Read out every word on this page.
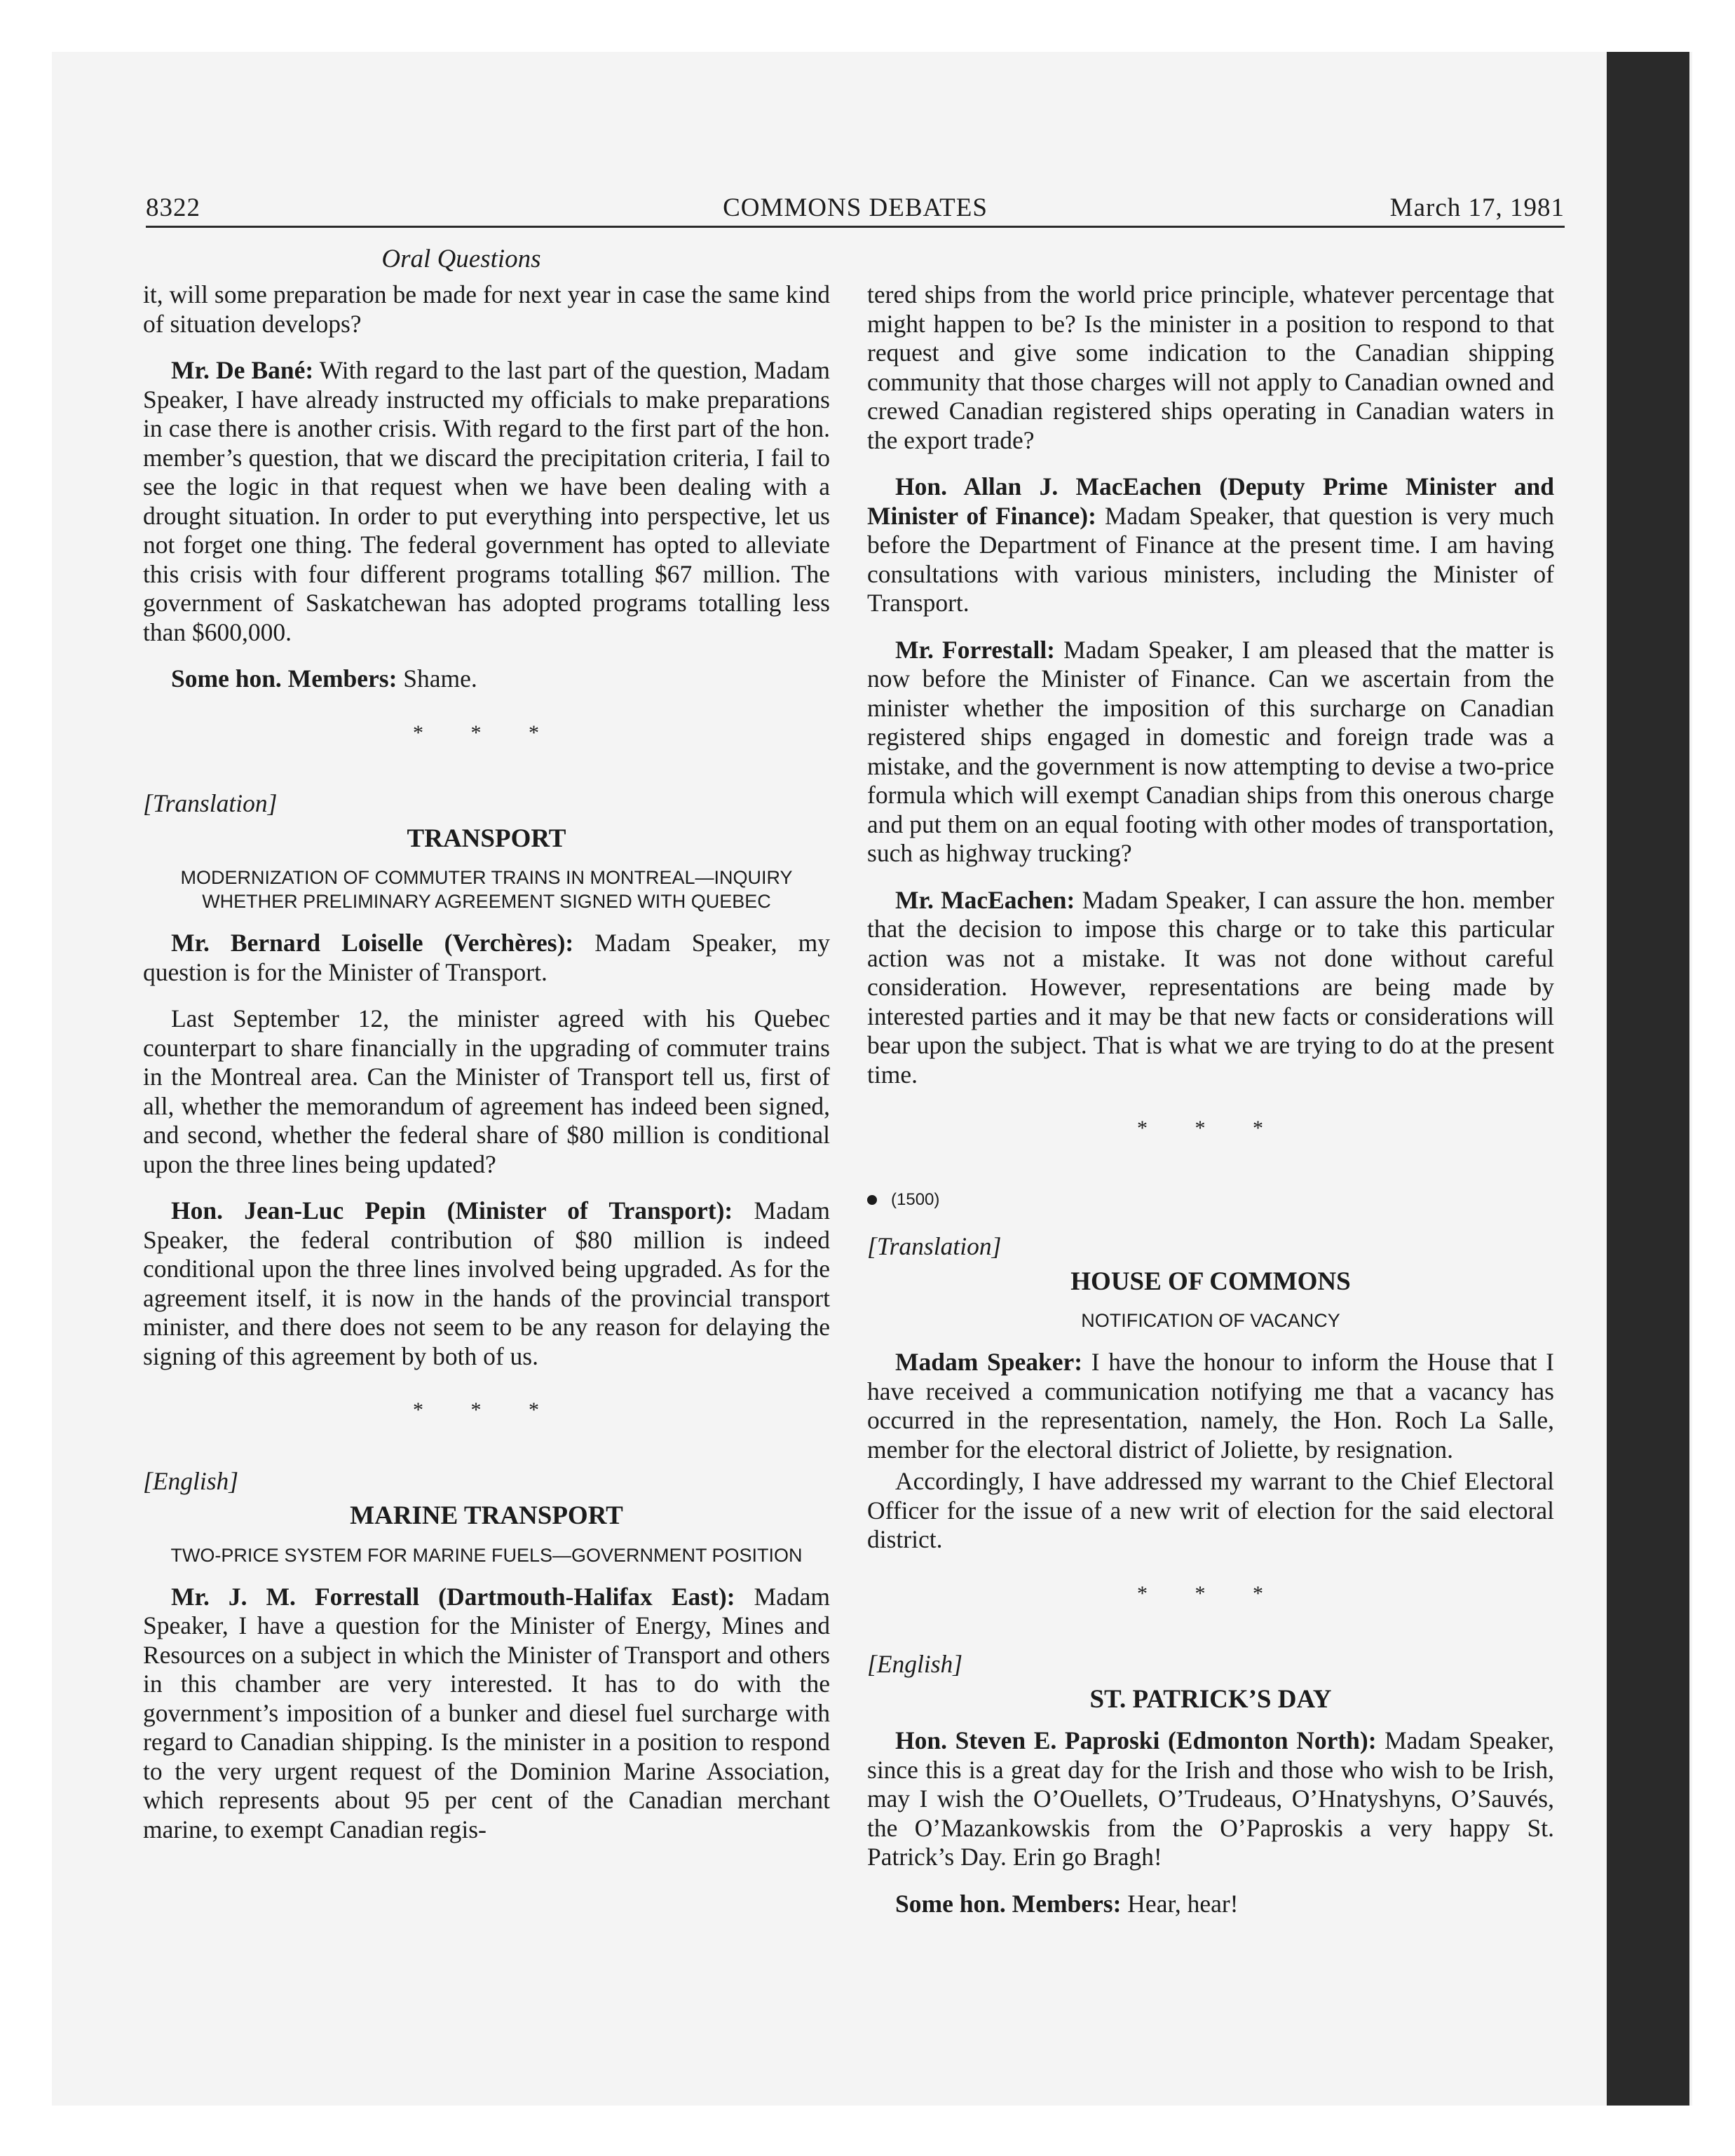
8322	COMMONS DEBATES	March 17, 1981
Oral Questions

it, will some preparation be made for next year in case the same kind of situation develops?

Mr. De Bané: With regard to the last part of the question, Madam Speaker, I have already instructed my officials to make preparations in case there is another crisis. With regard to the first part of the hon. member’s question, that we discard the precipitation criteria, I fail to see the logic in that request when we have been dealing with a drought situation. In order to put everything into perspective, let us not forget one thing. The federal government has opted to alleviate this crisis with four different programs totalling $67 million. The government of Saskatchewan has adopted programs totalling less than $600,000.

Some hon. Members: Shame.

* * *
[Translation]
TRANSPORT
MODERNIZATION OF COMMUTER TRAINS IN MONTREAL—INQUIRY WHETHER PRELIMINARY AGREEMENT SIGNED WITH QUEBEC

Mr. Bernard Loiselle (Verchères): Madam Speaker, my question is for the Minister of Transport.

Last September 12, the minister agreed with his Quebec counterpart to share financially in the upgrading of commuter trains in the Montreal area. Can the Minister of Transport tell us, first of all, whether the memorandum of agreement has indeed been signed, and second, whether the federal share of $80 million is conditional upon the three lines being updated?

Hon. Jean-Luc Pepin (Minister of Transport): Madam Speaker, the federal contribution of $80 million is indeed conditional upon the three lines involved being upgraded. As for the agreement itself, it is now in the hands of the provincial transport minister, and there does not seem to be any reason for delaying the signing of this agreement by both of us.

* * *
[English]
MARINE TRANSPORT
TWO-PRICE SYSTEM FOR MARINE FUELS—GOVERNMENT POSITION

Mr. J. M. Forrestall (Dartmouth-Halifax East): Madam Speaker, I have a question for the Minister of Energy, Mines and Resources on a subject in which the Minister of Transport and others in this chamber are very interested. It has to do with the government’s imposition of a bunker and diesel fuel surcharge with regard to Canadian shipping. Is the minister in a position to respond to the very urgent request of the Dominion Marine Association, which represents about 95 per cent of the Canadian merchant marine, to exempt Canadian regis-

tered ships from the world price principle, whatever percentage that might happen to be? Is the minister in a position to respond to that request and give some indication to the Canadian shipping community that those charges will not apply to Canadian owned and crewed Canadian registered ships operating in Canadian waters in the export trade?

Hon. Allan J. MacEachen (Deputy Prime Minister and Minister of Finance): Madam Speaker, that question is very much before the Department of Finance at the present time. I am having consultations with various ministers, including the Minister of Transport.

Mr. Forrestall: Madam Speaker, I am pleased that the matter is now before the Minister of Finance. Can we ascertain from the minister whether the imposition of this surcharge on Canadian registered ships engaged in domestic and foreign trade was a mistake, and the government is now attempting to devise a two-price formula which will exempt Canadian ships from this onerous charge and put them on an equal footing with other modes of transportation, such as highway trucking?

Mr. MacEachen: Madam Speaker, I can assure the hon. member that the decision to impose this charge or to take this particular action was not a mistake. It was not done without careful consideration. However, representations are being made by interested parties and it may be that new facts or considerations will bear upon the subject. That is what we are trying to do at the present time.

* * *
(1500)
[Translation]
HOUSE OF COMMONS
NOTIFICATION OF VACANCY

Madam Speaker: I have the honour to inform the House that I have received a communication notifying me that a vacancy has occurred in the representation, namely, the Hon. Roch La Salle, member for the electoral district of Joliette, by resignation.

Accordingly, I have addressed my warrant to the Chief Electoral Officer for the issue of a new writ of election for the said electoral district.

* * *
[English]
ST. PATRICK’S DAY

Hon. Steven E. Paproski (Edmonton North): Madam Speaker, since this is a great day for the Irish and those who wish to be Irish, may I wish the O’Ouellets, O’Trudeaus, O’Hnatyshyns, O’Sauvés, the O’Mazankowskis from the O’Paproskis a very happy St. Patrick’s Day. Erin go Bragh!

Some hon. Members: Hear, hear!
